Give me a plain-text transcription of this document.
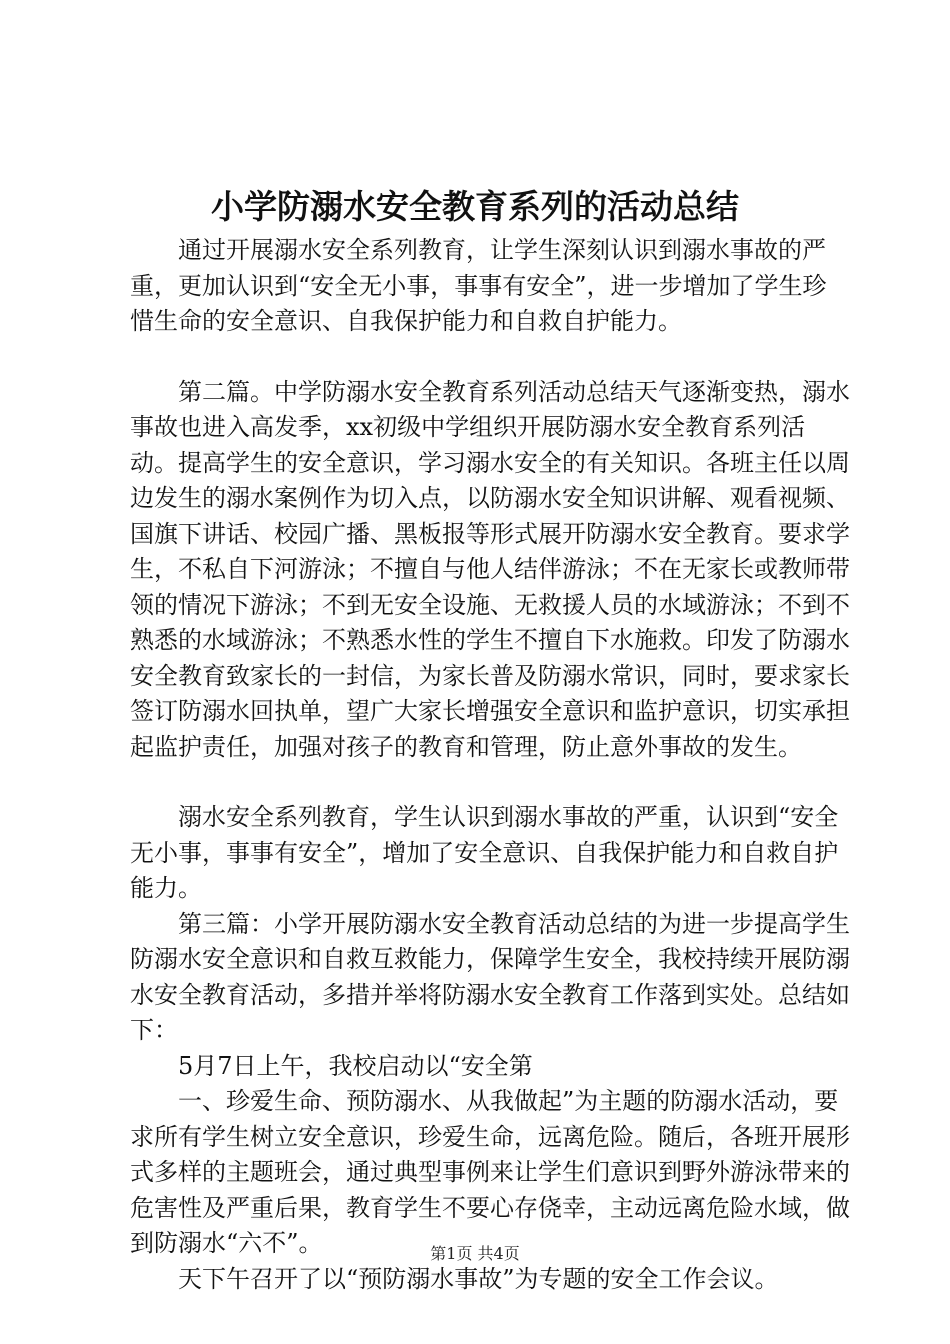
小学防溺水安全教育系列的活动总结

通过开展溺水安全系列教育，让学生深刻认识到溺水事故的严重，更加认识到“安全无小事，事事有安全”，进一步增加了学生珍惜生命的安全意识、自我保护能力和自救自护能力。

第二篇。中学防溺水安全教育系列活动总结天气逐渐变热，溺水事故也进入高发季，xx初级中学组织开展防溺水安全教育系列活动。提高学生的安全意识，学习溺水安全的有关知识。各班主任以周边发生的溺水案例作为切入点，以防溺水安全知识讲解、观看视频、国旗下讲话、校园广播、黑板报等形式展开防溺水安全教育。要求学生，不私自下河游泳；不擅自与他人结伴游泳；不在无家长或教师带领的情况下游泳；不到无安全设施、无救援人员的水域游泳；不到不熟悉的水域游泳；不熟悉水性的学生不擅自下水施救。印发了防溺水安全教育致家长的一封信，为家长普及防溺水常识，同时，要求家长签订防溺水回执单，望广大家长增强安全意识和监护意识，切实承担起监护责任，加强对孩子的教育和管理，防止意外事故的发生。

溺水安全系列教育，学生认识到溺水事故的严重，认识到“安全无小事，事事有安全”，增加了安全意识、自我保护能力和自救自护能力。

第三篇：小学开展防溺水安全教育活动总结的为进一步提高学生防溺水安全意识和自救互救能力，保障学生安全，我校持续开展防溺水安全教育活动，多措并举将防溺水安全教育工作落到实处。总结如下：

5月7日上午，我校启动以“安全第

一、珍爱生命、预防溺水、从我做起”为主题的防溺水活动，要求所有学生树立安全意识，珍爱生命，远离危险。随后，各班开展形式多样的主题班会，通过典型事例来让学生们意识到野外游泳带来的危害性及严重后果，教育学生不要心存侥幸，主动远离危险水域，做到防溺水“六不”。

天下午召开了以“预防溺水事故”为专题的安全工作会议。

第1页 共4页
